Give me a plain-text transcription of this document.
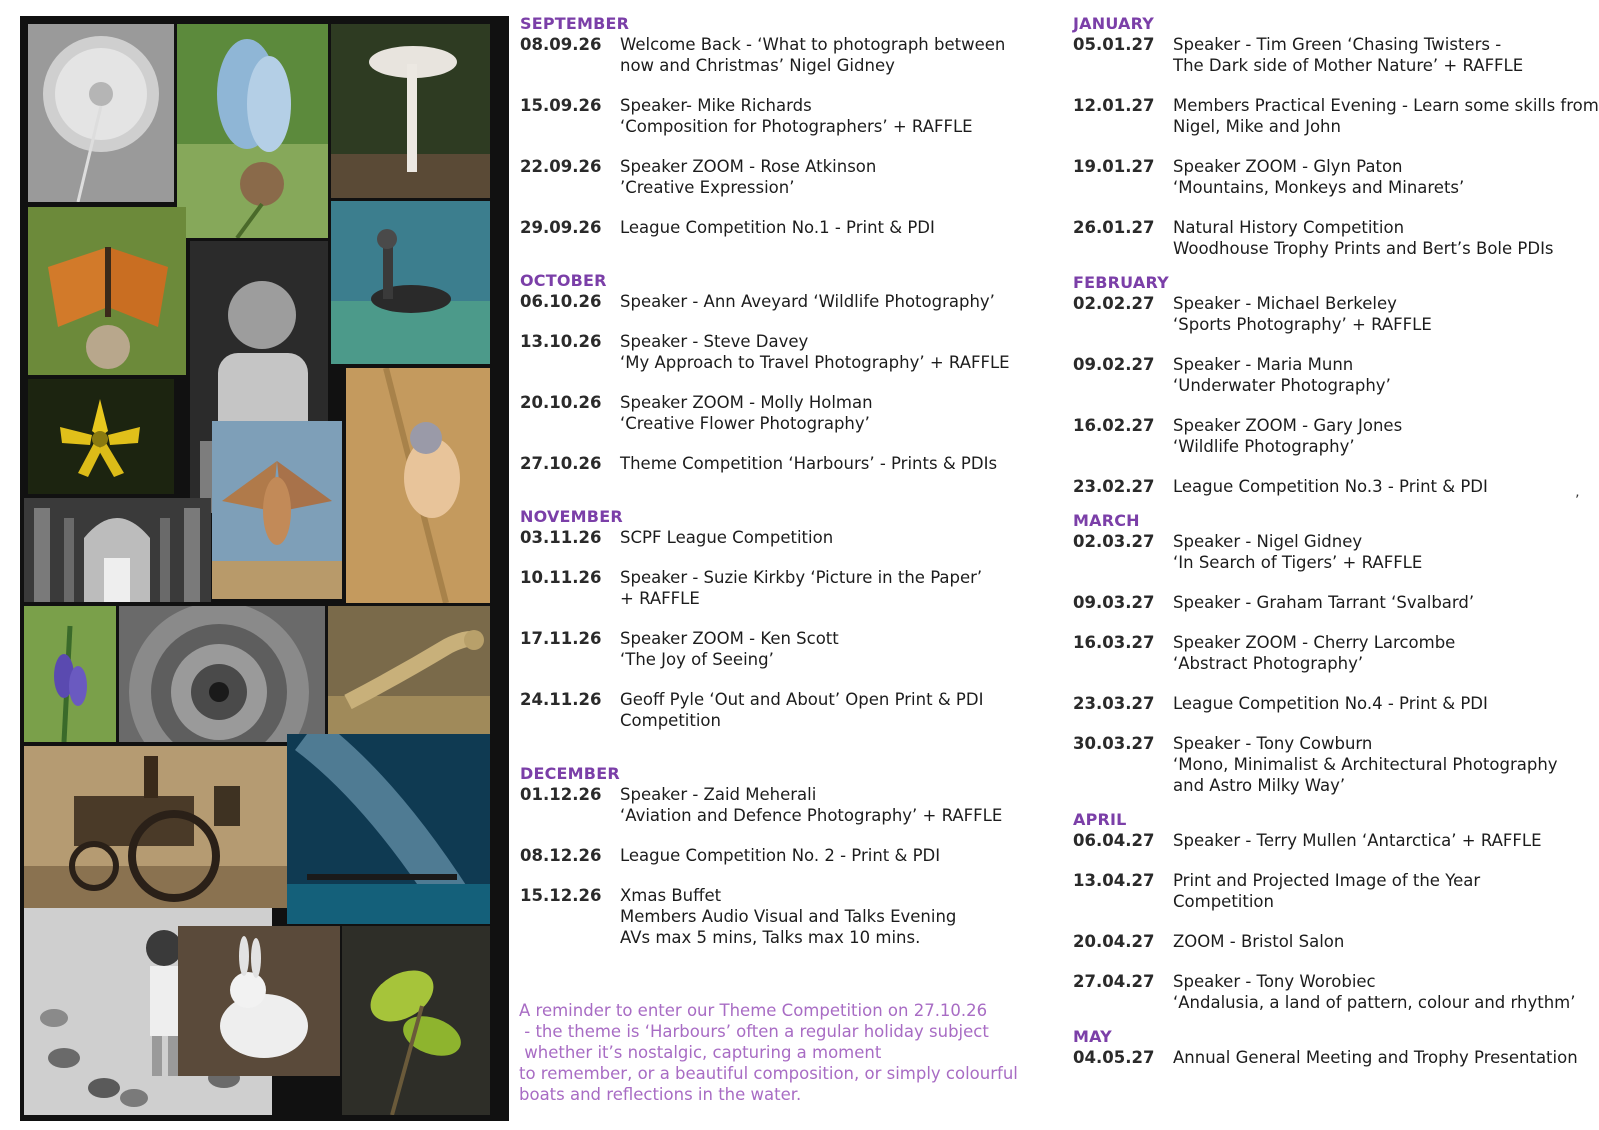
SEPTEMBER
08.09.26	Welcome Back - ‘What to photograph between
now and Christmas’ Nigel Gidney
15.09.26	Speaker- Mike Richards
‘Composition for Photographers’ + RAFFLE
22.09.26	Speaker ZOOM - Rose Atkinson
’Creative Expression’
29.09.26	League Competition No.1 - Print & PDI
OCTOBER
06.10.26	Speaker - Ann Aveyard ‘Wildlife Photography’
13.10.26	Speaker - Steve Davey
‘My Approach to Travel Photography’ + RAFFLE
20.10.26	Speaker ZOOM - Molly Holman
‘Creative Flower Photography’
27.10.26	Theme Competition ‘Harbours’ - Prints & PDIs
NOVEMBER
03.11.26	SCPF League Competition
10.11.26	Speaker - Suzie Kirkby ‘Picture in the Paper’
+ RAFFLE
17.11.26	Speaker ZOOM - Ken Scott
‘The Joy of Seeing’
24.11.26	Geoff Pyle ‘Out and About’ Open Print & PDI
Competition
DECEMBER
01.12.26	Speaker - Zaid Meherali
‘Aviation and Defence Photography’ + RAFFLE
08.12.26	League Competition No. 2 - Print & PDI
15.12.26	Xmas Buffet
Members Audio Visual and Talks Evening
AVs max 5 mins, Talks max 10 mins.
JANUARY
05.01.27	Speaker - Tim Green ‘Chasing Twisters -
The Dark side of Mother Nature’ + RAFFLE
12.01.27	Members Practical Evening - Learn some skills from
Nigel, Mike and John
19.01.27	Speaker ZOOM - Glyn Paton
‘Mountains, Monkeys and Minarets’
26.01.27	Natural History Competition
Woodhouse Trophy Prints and Bert’s Bole PDIs
FEBRUARY
02.02.27	Speaker - Michael Berkeley
‘Sports Photography’ + RAFFLE
09.02.27	Speaker - Maria Munn
‘Underwater Photography’
16.02.27	Speaker ZOOM - Gary Jones
‘Wildlife Photography’
23.02.27	League Competition No.3 - Print & PDI
MARCH
02.03.27	Speaker - Nigel Gidney
‘In Search of Tigers’ + RAFFLE
09.03.27	Speaker - Graham Tarrant ‘Svalbard’
16.03.27	Speaker ZOOM - Cherry Larcombe
‘Abstract Photography’
23.03.27	League Competition No.4 - Print & PDI
30.03.27	Speaker - Tony Cowburn
‘Mono, Minimalist & Architectural Photography
and Astro Milky Way’
APRIL
06.04.27	Speaker - Terry Mullen ‘Antarctica’ + RAFFLE
13.04.27	Print and Projected Image of the Year
Competition
20.04.27	ZOOM - Bristol Salon
27.04.27	Speaker - Tony Worobiec
‘Andalusia, a land of pattern, colour and rhythm’
MAY
04.05.27	Annual General Meeting and Trophy Presentation
A reminder to enter our Theme Competition on 27.10.26
- the theme is ‘Harbours’ often a regular holiday subject
whether it’s nostalgic, capturing a moment
to remember, or a beautiful composition, or simply colourful
boats and reflections in the water.
’
